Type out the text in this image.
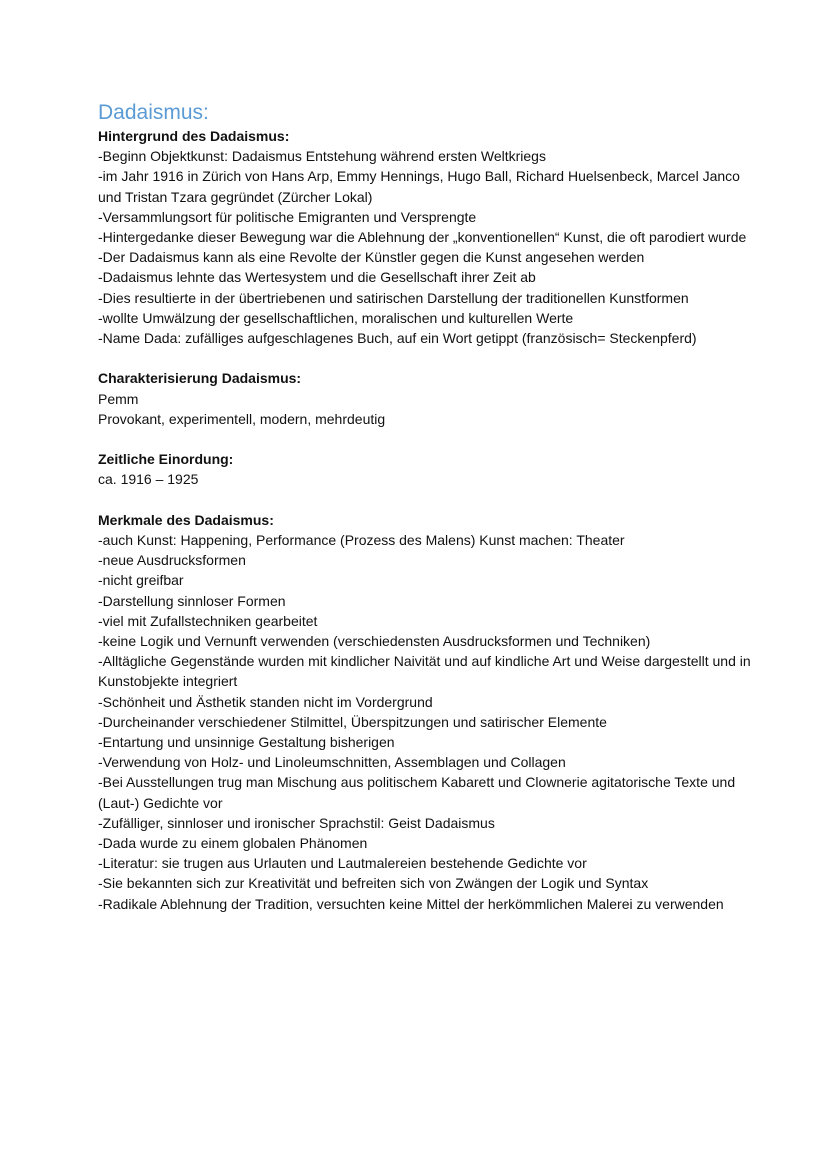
Dadaismus:

Hintergrund des Dadaismus:

-Beginn Objektkunst: Dadaismus Entstehung während ersten Weltkriegs

-im Jahr 1916 in Zürich von Hans Arp, Emmy Hennings, Hugo Ball, Richard Huelsenbeck, Marcel Janco und Tristan Tzara gegründet (Zürcher Lokal)

-Versammlungsort für politische Emigranten und Versprengte

-Hintergedanke dieser Bewegung war die Ablehnung der „konventionellen“ Kunst, die oft parodiert wurde

-Der Dadaismus kann als eine Revolte der Künstler gegen die Kunst angesehen werden

-Dadaismus lehnte das Wertesystem und die Gesellschaft ihrer Zeit ab

-Dies resultierte in der übertriebenen und satirischen Darstellung der traditionellen Kunstformen

-wollte Umwälzung der gesellschaftlichen, moralischen und kulturellen Werte

-Name Dada: zufälliges aufgeschlagenes Buch, auf ein Wort getippt (französisch= Steckenpferd)

Charakterisierung Dadaismus:

Pemm

Provokant, experimentell, modern, mehrdeutig

Zeitliche Einordung:

ca. 1916 – 1925

Merkmale des Dadaismus:

-auch Kunst: Happening, Performance (Prozess des Malens) Kunst machen: Theater

-neue Ausdrucksformen

-nicht greifbar

-Darstellung sinnloser Formen

-viel mit Zufallstechniken gearbeitet

-keine Logik und Vernunft verwenden (verschiedensten Ausdrucksformen und Techniken)

-Alltägliche Gegenstände wurden mit kindlicher Naivität und auf kindliche Art und Weise dargestellt und in Kunstobjekte integriert

-Schönheit und Ästhetik standen nicht im Vordergrund

-Durcheinander verschiedener Stilmittel, Überspitzungen und satirischer Elemente

-Entartung und unsinnige Gestaltung bisherigen

-Verwendung von Holz- und Linoleumschnitten, Assemblagen und Collagen

-Bei Ausstellungen trug man Mischung aus politischem Kabarett und Clownerie agitatorische Texte und (Laut-) Gedichte vor

-Zufälliger, sinnloser und ironischer Sprachstil: Geist Dadaismus

-Dada wurde zu einem globalen Phänomen

-Literatur: sie trugen aus Urlauten und Lautmalereien bestehende Gedichte vor

-Sie bekannten sich zur Kreativität und befreiten sich von Zwängen der Logik und Syntax

-Radikale Ablehnung der Tradition, versuchten keine Mittel der herkömmlichen Malerei zu verwenden
